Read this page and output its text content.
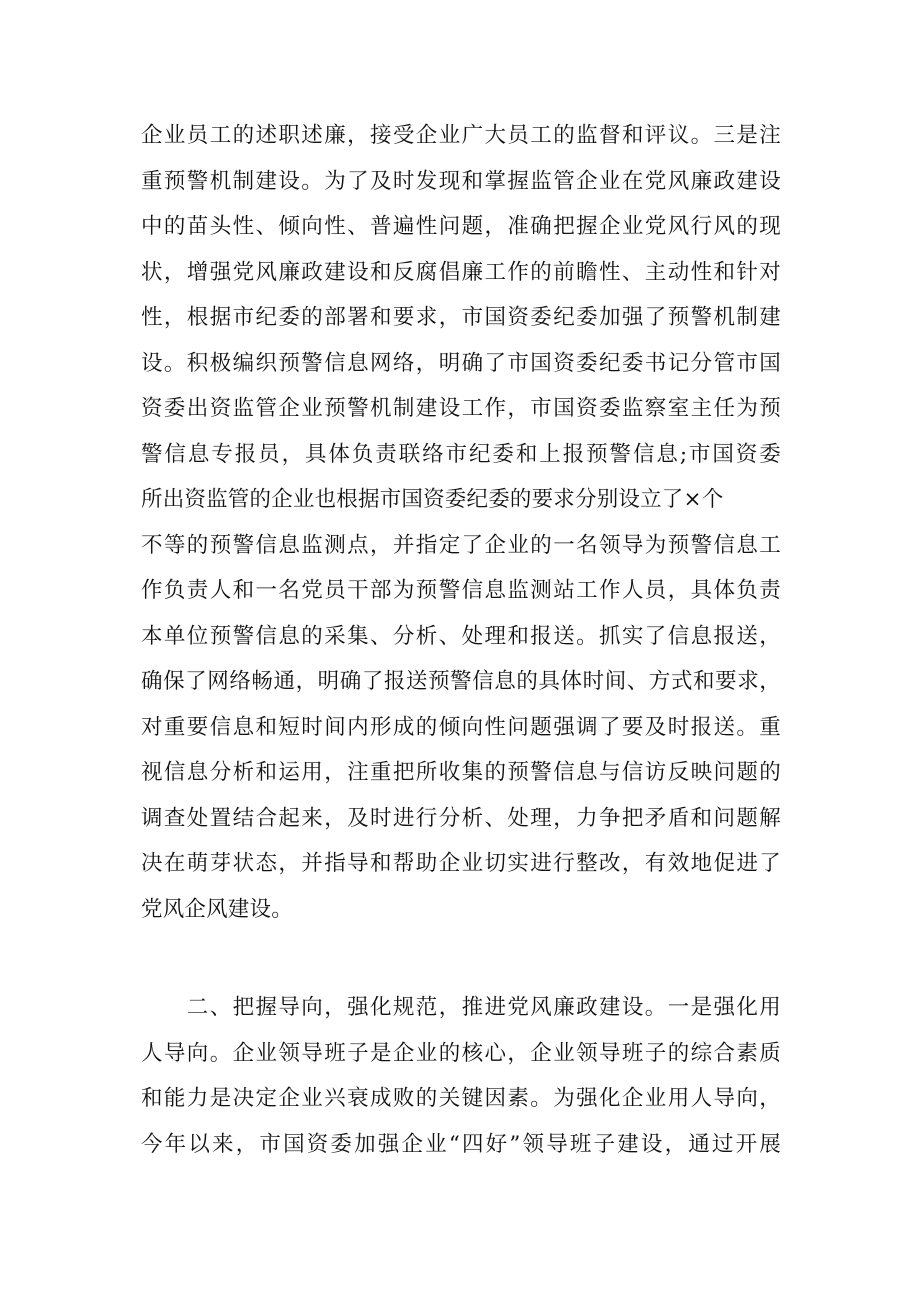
企业员工的述职述廉，接受企业广大员工的监督和评议。三是注
重预警机制建设。为了及时发现和掌握监管企业在党风廉政建设
中的苗头性、倾向性、普遍性问题，准确把握企业党风行风的现
状，增强党风廉政建设和反腐倡廉工作的前瞻性、主动性和针对
性，根据市纪委的部署和要求，市国资委纪委加强了预警机制建
设。积极编织预警信息网络，明确了市国资委纪委书记分管市国
资委出资监管企业预警机制建设工作，市国资委监察室主任为预
警信息专报员，具体负责联络市纪委和上报预警信息;市国资委
所出资监管的企业也根据市国资委纪委的要求分别设立了×个
不等的预警信息监测点，并指定了企业的一名领导为预警信息工
作负责人和一名党员干部为预警信息监测站工作人员，具体负责
本单位预警信息的采集、分析、处理和报送。抓实了信息报送，
确保了网络畅通，明确了报送预警信息的具体时间、方式和要求，
对重要信息和短时间内形成的倾向性问题强调了要及时报送。重
视信息分析和运用，注重把所收集的预警信息与信访反映问题的
调查处置结合起来，及时进行分析、处理，力争把矛盾和问题解
决在萌芽状态，并指导和帮助企业切实进行整改，有效地促进了
党风企风建设。
　　二、把握导向，强化规范，推进党风廉政建设。一是强化用
人导向。企业领导班子是企业的核心，企业领导班子的综合素质
和能力是决定企业兴衰成败的关键因素。为强化企业用人导向，
今年以来，市国资委加强企业“四好”领导班子建设，通过开展
